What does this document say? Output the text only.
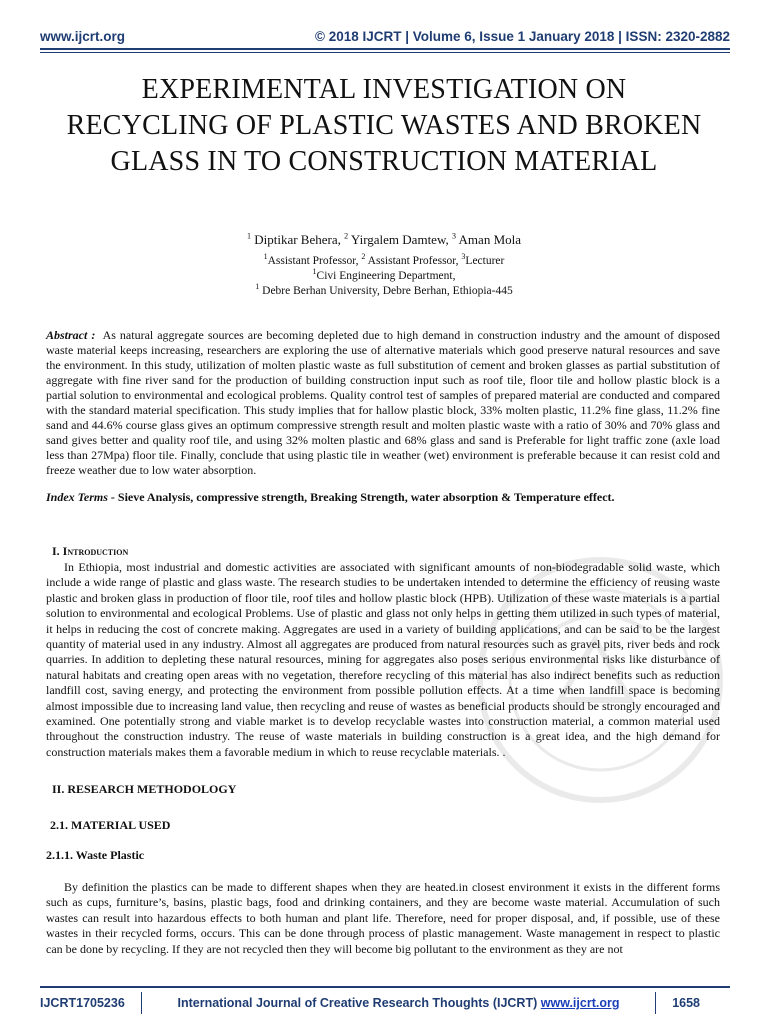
www.ijcrt.org	© 2018 IJCRT | Volume 6, Issue 1 January 2018 | ISSN: 2320-2882
EXPERIMENTAL INVESTIGATION ON RECYCLING OF PLASTIC WASTES AND BROKEN GLASS IN TO CONSTRUCTION MATERIAL
$^1$ Diptikar Behera, $^2$ Yirgalem Damtew, $^3$ Aman Mola
$^1$Assistant Professor, $^2$ Assistant Professor, $^3$Lecturer
$^1$Civi Engineering Department,
$^1$ Debre Berhan University, Debre Berhan, Ethiopia-445
Abstract : As natural aggregate sources are becoming depleted due to high demand in construction industry and the amount of disposed waste material keeps increasing, researchers are exploring the use of alternative materials which good preserve natural resources and save the environment. In this study, utilization of molten plastic waste as full substitution of cement and broken glasses as partial substitution of aggregate with fine river sand for the production of building construction input such as roof tile, floor tile and hollow plastic block is a partial solution to environmental and ecological problems. Quality control test of samples of prepared material are conducted and compared with the standard material specification. This study implies that for hallow plastic block, 33% molten plastic, 11.2% fine glass, 11.2% fine sand and 44.6% course glass gives an optimum compressive strength result and molten plastic waste with a ratio of 30% and 70% glass and sand gives better and quality roof tile, and using 32% molten plastic and 68% glass and sand is Preferable for light traffic zone (axle load less than 27Mpa) floor tile. Finally, conclude that using plastic tile in weather (wet) environment is preferable because it can resist cold and freeze weather due to low water absorption.
Index Terms - Sieve Analysis, compressive strength, Breaking Strength, water absorption & Temperature effect.
I. Introduction
In Ethiopia, most industrial and domestic activities are associated with significant amounts of non-biodegradable solid waste, which include a wide range of plastic and glass waste. The research studies to be undertaken intended to determine the efficiency of reusing waste plastic and broken glass in production of floor tile, roof tiles and hollow plastic block (HPB). Utilization of these waste materials is a partial solution to environmental and ecological Problems. Use of plastic and glass not only helps in getting them utilized in such types of material, it helps in reducing the cost of concrete making. Aggregates are used in a variety of building applications, and can be said to be the largest quantity of material used in any industry. Almost all aggregates are produced from natural resources such as gravel pits, river beds and rock quarries. In addition to depleting these natural resources, mining for aggregates also poses serious environmental risks like disturbance of natural habitats and creating open areas with no vegetation, therefore recycling of this material has also indirect benefits such as reduction landfill cost, saving energy, and protecting the environment from possible pollution effects. At a time when landfill space is becoming almost impossible due to increasing land value, then recycling and reuse of wastes as beneficial products should be strongly encouraged and examined. One potentially strong and viable market is to develop recyclable wastes into construction material, a common material used throughout the construction industry. The reuse of waste materials in building construction is a great idea, and the high demand for construction materials makes them a favorable medium in which to reuse recyclable materials. .
II. RESEARCH METHODOLOGY
2.1. MATERIAL USED
2.1.1. Waste Plastic
By definition the plastics can be made to different shapes when they are heated.in closest environment it exists in the different forms such as cups, furniture’s, basins, plastic bags, food and drinking containers, and they are become waste material. Accumulation of such wastes can result into hazardous effects to both human and plant life. Therefore, need for proper disposal, and, if possible, use of these wastes in their recycled forms, occurs. This can be done through process of plastic management. Waste management in respect to plastic can be done by recycling. If they are not recycled then they will become big pollutant to the environment as they are not
IJCRT1705236	International Journal of Creative Research Thoughts (IJCRT) www.ijcrt.org	1658
